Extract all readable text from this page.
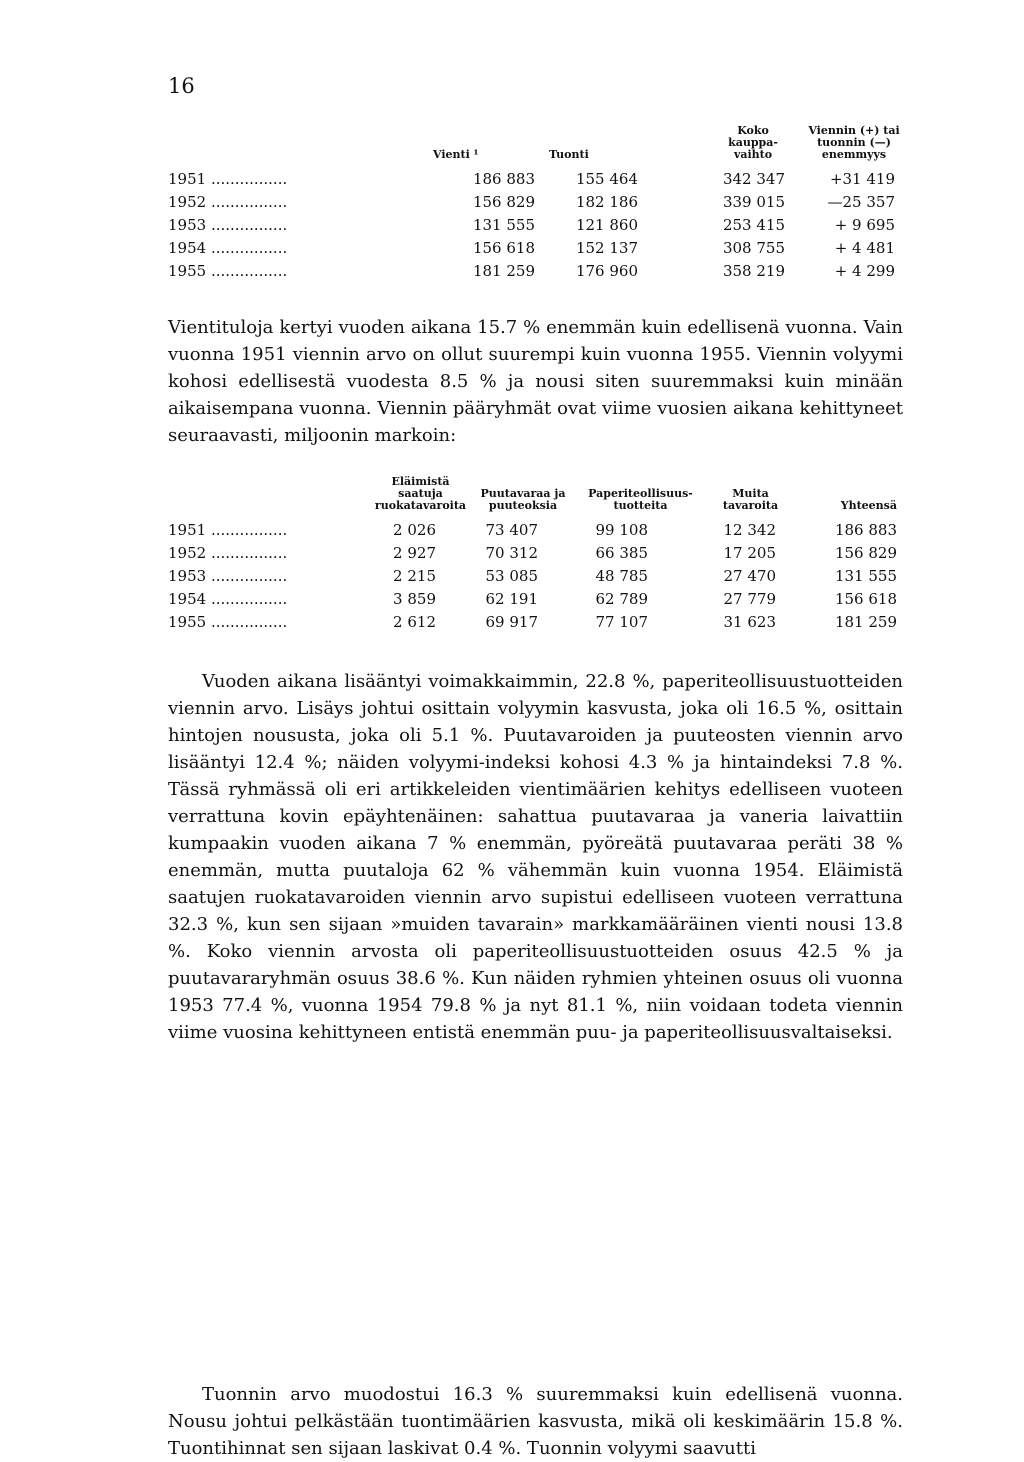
16
	Vienti ¹	Tuonti	Koko kauppa-vaihto	Viennin (+) tai tuonnin (—) enemmyys
1951 ................	186 883	155 464	342 347	+31 419
1952 ................	156 829	182 186	339 015	—25 357
1953 ................	131 555	121 860	253 415	+ 9 695
1954 ................	156 618	152 137	308 755	+ 4 481
1955 ................	181 259	176 960	358 219	+ 4 299

Vientituloja kertyi vuoden aikana 15.7 % enemmän kuin edellisenä vuonna. Vain vuonna 1951 viennin arvo on ollut suurempi kuin vuonna 1955. Viennin volyymi kohosi edellisestä vuodesta 8.5 % ja nousi siten suuremmaksi kuin minään aikaisempana vuonna. Viennin pääryhmät ovat viime vuosien aikana kehittyneet seuraavasti, miljoonin markoin:

	Eläimistä saatuja ruokatavaroita	Puutavaraa ja puuteoksia	Paperiteollisuus-tuotteita	Muita tavaroita	Yhteensä
1951 ................	2 026	73 407	99 108	12 342	186 883
1952 ................	2 927	70 312	66 385	17 205	156 829
1953 ................	2 215	53 085	48 785	27 470	131 555
1954 ................	3 859	62 191	62 789	27 779	156 618
1955 ................	2 612	69 917	77 107	31 623	181 259

Vuoden aikana lisääntyi voimakkaimmin, 22.8 %, paperiteollisuustuotteiden viennin arvo. Lisäys johtui osittain volyymin kasvusta, joka oli 16.5 %, osittain hintojen noususta, joka oli 5.1 %. Puutavaroiden ja puuteosten viennin arvo lisääntyi 12.4 %; näiden volyymi-indeksi kohosi 4.3 % ja hintaindeksi 7.8 %. Tässä ryhmässä oli eri artikkeleiden vientimäärien kehitys edelliseen vuoteen verrattuna kovin epäyhtenäinen: sahattua puutavaraa ja vaneria laivattiin kumpaakin vuoden aikana 7 % enemmän, pyöreätä puutavaraa peräti 38 % enemmän, mutta puutaloja 62 % vähemmän kuin vuonna 1954. Eläimistä saatujen ruokatavaroiden viennin arvo supistui edelliseen vuoteen verrattuna 32.3 %, kun sen sijaan »muiden tavarain» markkamääräinen vienti nousi 13.8 %. Koko viennin arvosta oli paperiteollisuustuotteiden osuus 42.5 % ja puutavararyhmän osuus 38.6 %. Kun näiden ryhmien yhteinen osuus oli vuonna 1953 77.4 %, vuonna 1954 79.8 % ja nyt 81.1 %, niin voidaan todeta viennin viime vuosina kehittyneen entistä enemmän puu- ja paperiteollisuusvaltaiseksi.

Tuonnin arvo muodostui 16.3 % suuremmaksi kuin edellisenä vuonna. Nousu johtui pelkästään tuontimäärien kasvusta, mikä oli keskimäärin 15.8 %. Tuontihinnat sen sijaan laskivat 0.4 %. Tuonnin volyymi saavutti
